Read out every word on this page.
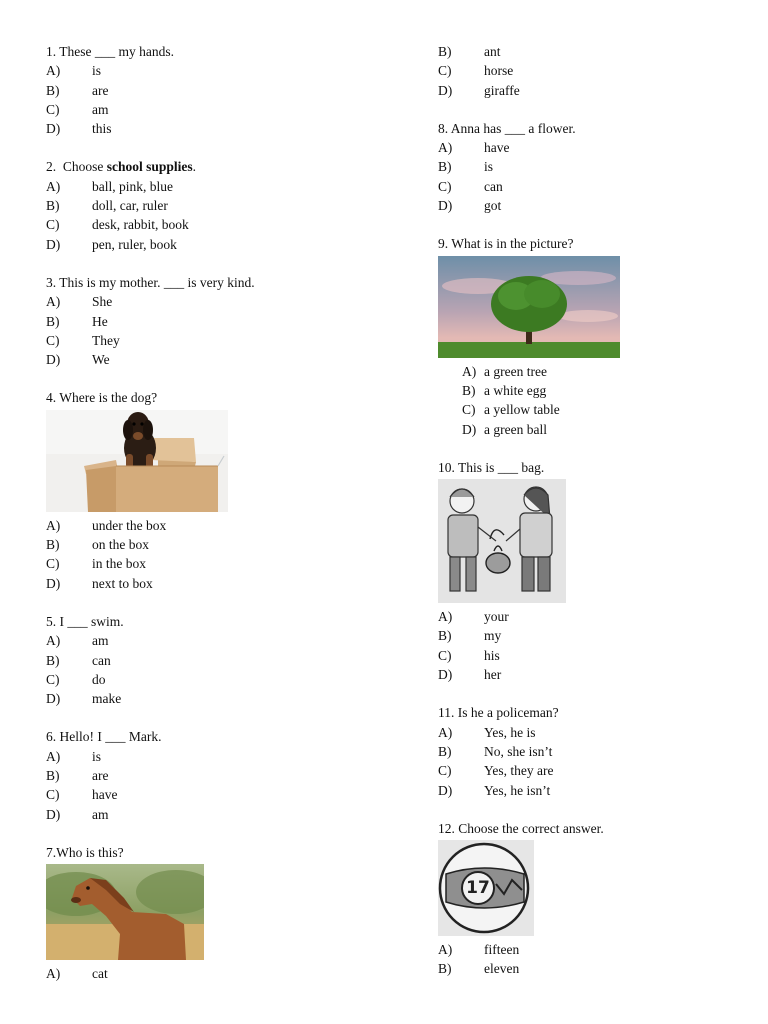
1. These ___ my hands.
A)	is
B)	are
C)	am
D)	this
2.  Choose school supplies.
A)	ball, pink, blue
B)	doll, car, ruler
C)	desk, rabbit, book
D)	pen, ruler, book
3. This is my mother. ___ is very kind.
A)	She
B)	He
C)	They
D)	We
4. Where is the dog?
A)	under the box
B)	on the box
C)	in the box
D)	next to box
5. I ___ swim.
A)	am
B)	can
C)	do
D)	make
6. Hello! I ___ Mark.
A)	is
B)	are
C)	have
D)	am
7.Who is this?
A)	cat
B)	ant
C)	horse
D)	giraffe
8. Anna has ___ a flower.
A)	have
B)	is
C)	can
D)	got
9. What is in the picture?
A) a green tree
B) a white egg
C) a yellow table
D) a green ball
10. This is ___ bag.
A)	your
B)	my
C)	his
D)	her
11. Is he a policeman?
A)	Yes, he is
B)	No, she isn’t
C)	Yes, they are
D)	Yes, he isn’t
12. Choose the correct answer.
17
A)	fifteen
B)	eleven
